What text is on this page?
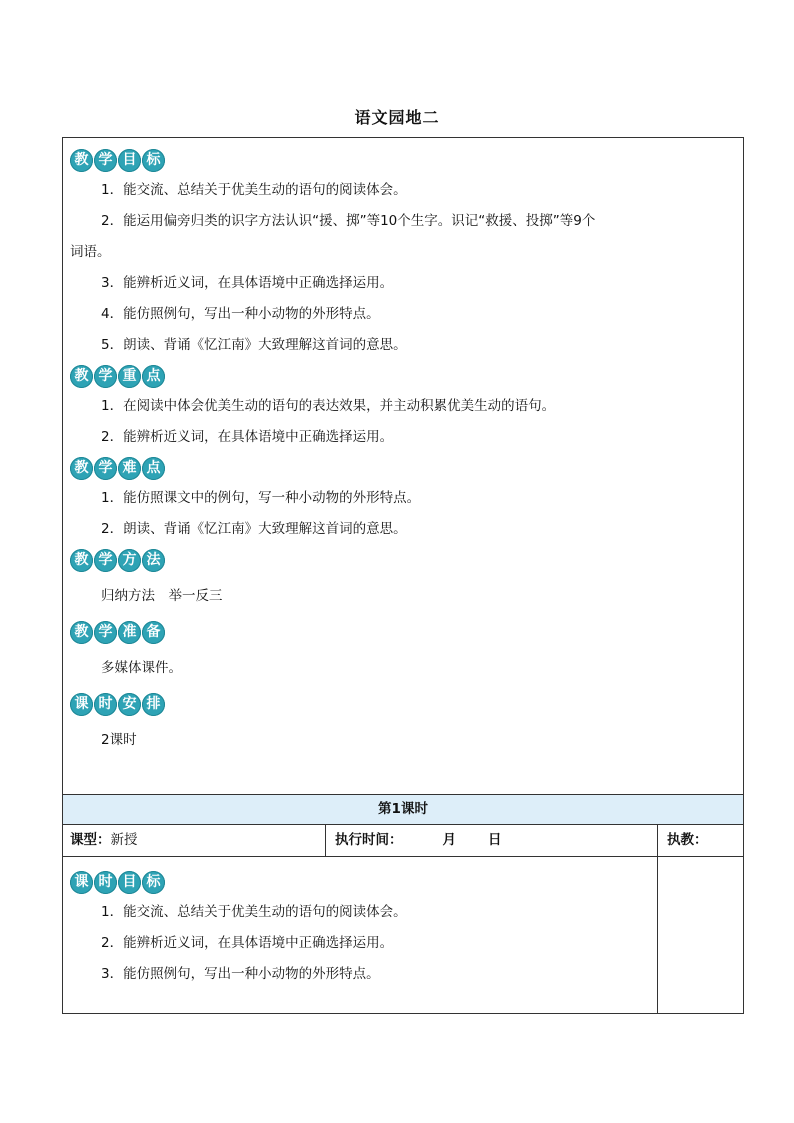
语文园地二
教 学 目 标
1．能交流、总结关于优美生动的语句的阅读体会。
2．能运用偏旁归类的识字方法认识“援、掷”等10个生字。识记“救援、投掷”等9个
词语。
3．能辨析近义词，在具体语境中正确选择运用。
4．能仿照例句，写出一种小动物的外形特点。
5．朗读、背诵《忆江南》大致理解这首词的意思。
教 学 重 点
1．在阅读中体会优美生动的语句的表达效果，并主动积累优美生动的语句。
2．能辨析近义词，在具体语境中正确选择运用。
教 学 难 点
1．能仿照课文中的例句，写一种小动物的外形特点。
2．朗读、背诵《忆江南》大致理解这首词的意思。
教 学 方 法
归纳方法　举一反三
教 学 准 备
多媒体课件。
课 时 安 排
2课时
第1课时
课型：新授	执行时间：	月 日	执教：
课 时 目 标
1．能交流、总结关于优美生动的语句的阅读体会。
2．能辨析近义词，在具体语境中正确选择运用。
3．能仿照例句，写出一种小动物的外形特点。
